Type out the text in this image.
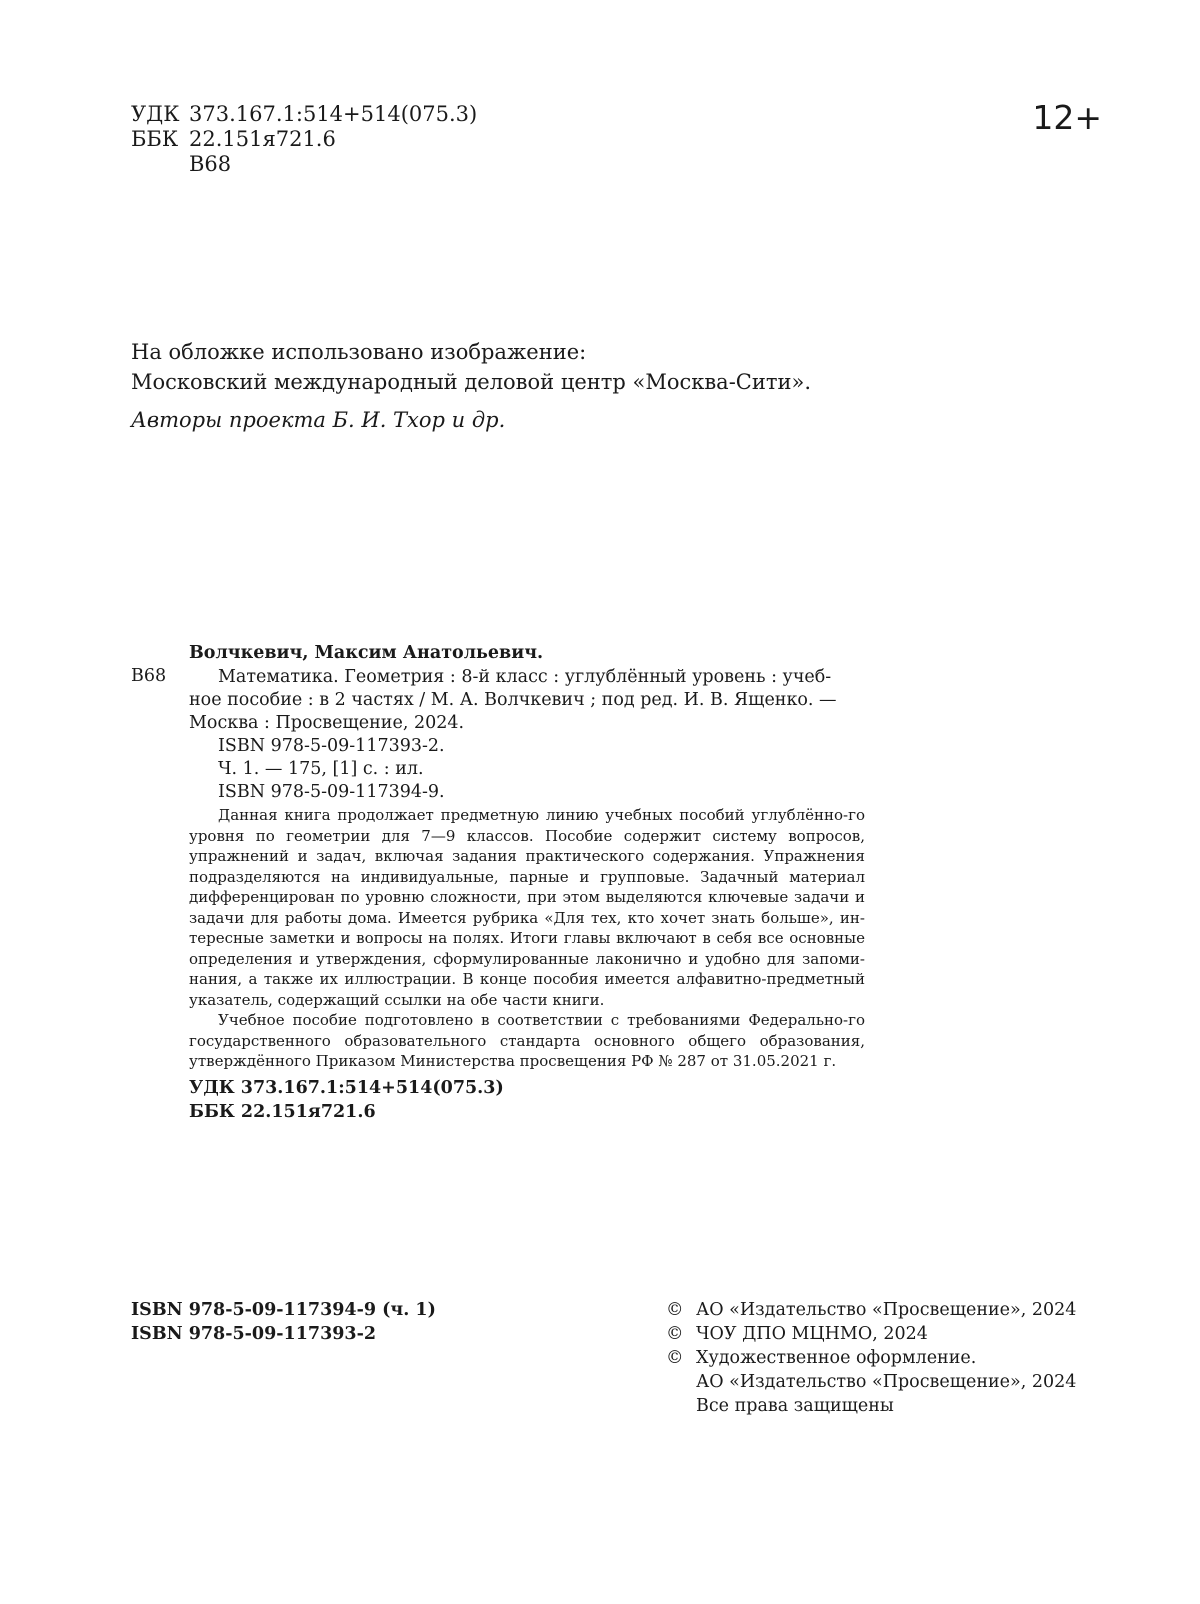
УДК 373.167.1:514+514(075.3)
ББК 22.151я721.6
В68
12+
На обложке использовано изображение:
Московский международный деловой центр «Москва-Сити».
Авторы проекта Б. И. Тхор и др.
Волчкевич, Максим Анатольевич.
В68	Математика. Геометрия : 8-й класс : углублённый уровень : учеб-
ное пособие : в 2 частях / М. А. Волчкевич ; под ред. И. В. Ященко. —
Москва : Просвещение, 2024.
ISBN 978-5-09-117393-2.
Ч. 1. — 175, [1] с. : ил.
ISBN 978-5-09-117394-9.

Данная книга продолжает предметную линию учебных пособий углублённо-го уровня по геометрии для 7—9 классов. Пособие содержит систему вопросов, упражнений и задач, включая задания практического содержания. Упражнения подразделяются на индивидуальные, парные и групповые. Задачный материал дифференцирован по уровню сложности, при этом выделяются ключевые задачи и задачи для работы дома. Имеется рубрика «Для тех, кто хочет знать больше», ин-тересные заметки и вопросы на полях. Итоги главы включают в себя все основные определения и утверждения, сформулированные лаконично и удобно для запоми-нания, а также их иллюстрации. В конце пособия имеется алфавитно-предметный указатель, содержащий ссылки на обе части книги.

Учебное пособие подготовлено в соответствии с требованиями Федерально-го государственного образовательного стандарта основного общего образования, утверждённого Приказом Министерства просвещения РФ № 287 от 31.05.2021 г.

УДК 373.167.1:514+514(075.3)
ББК 22.151я721.6
ISBN 978-5-09-117394-9 (ч. 1)
ISBN 978-5-09-117393-2
© АО «Издательство «Просвещение», 2024
© ЧОУ ДПО МЦНМО, 2024
© Художественное оформление.
АО «Издательство «Просвещение», 2024
Все права защищены
